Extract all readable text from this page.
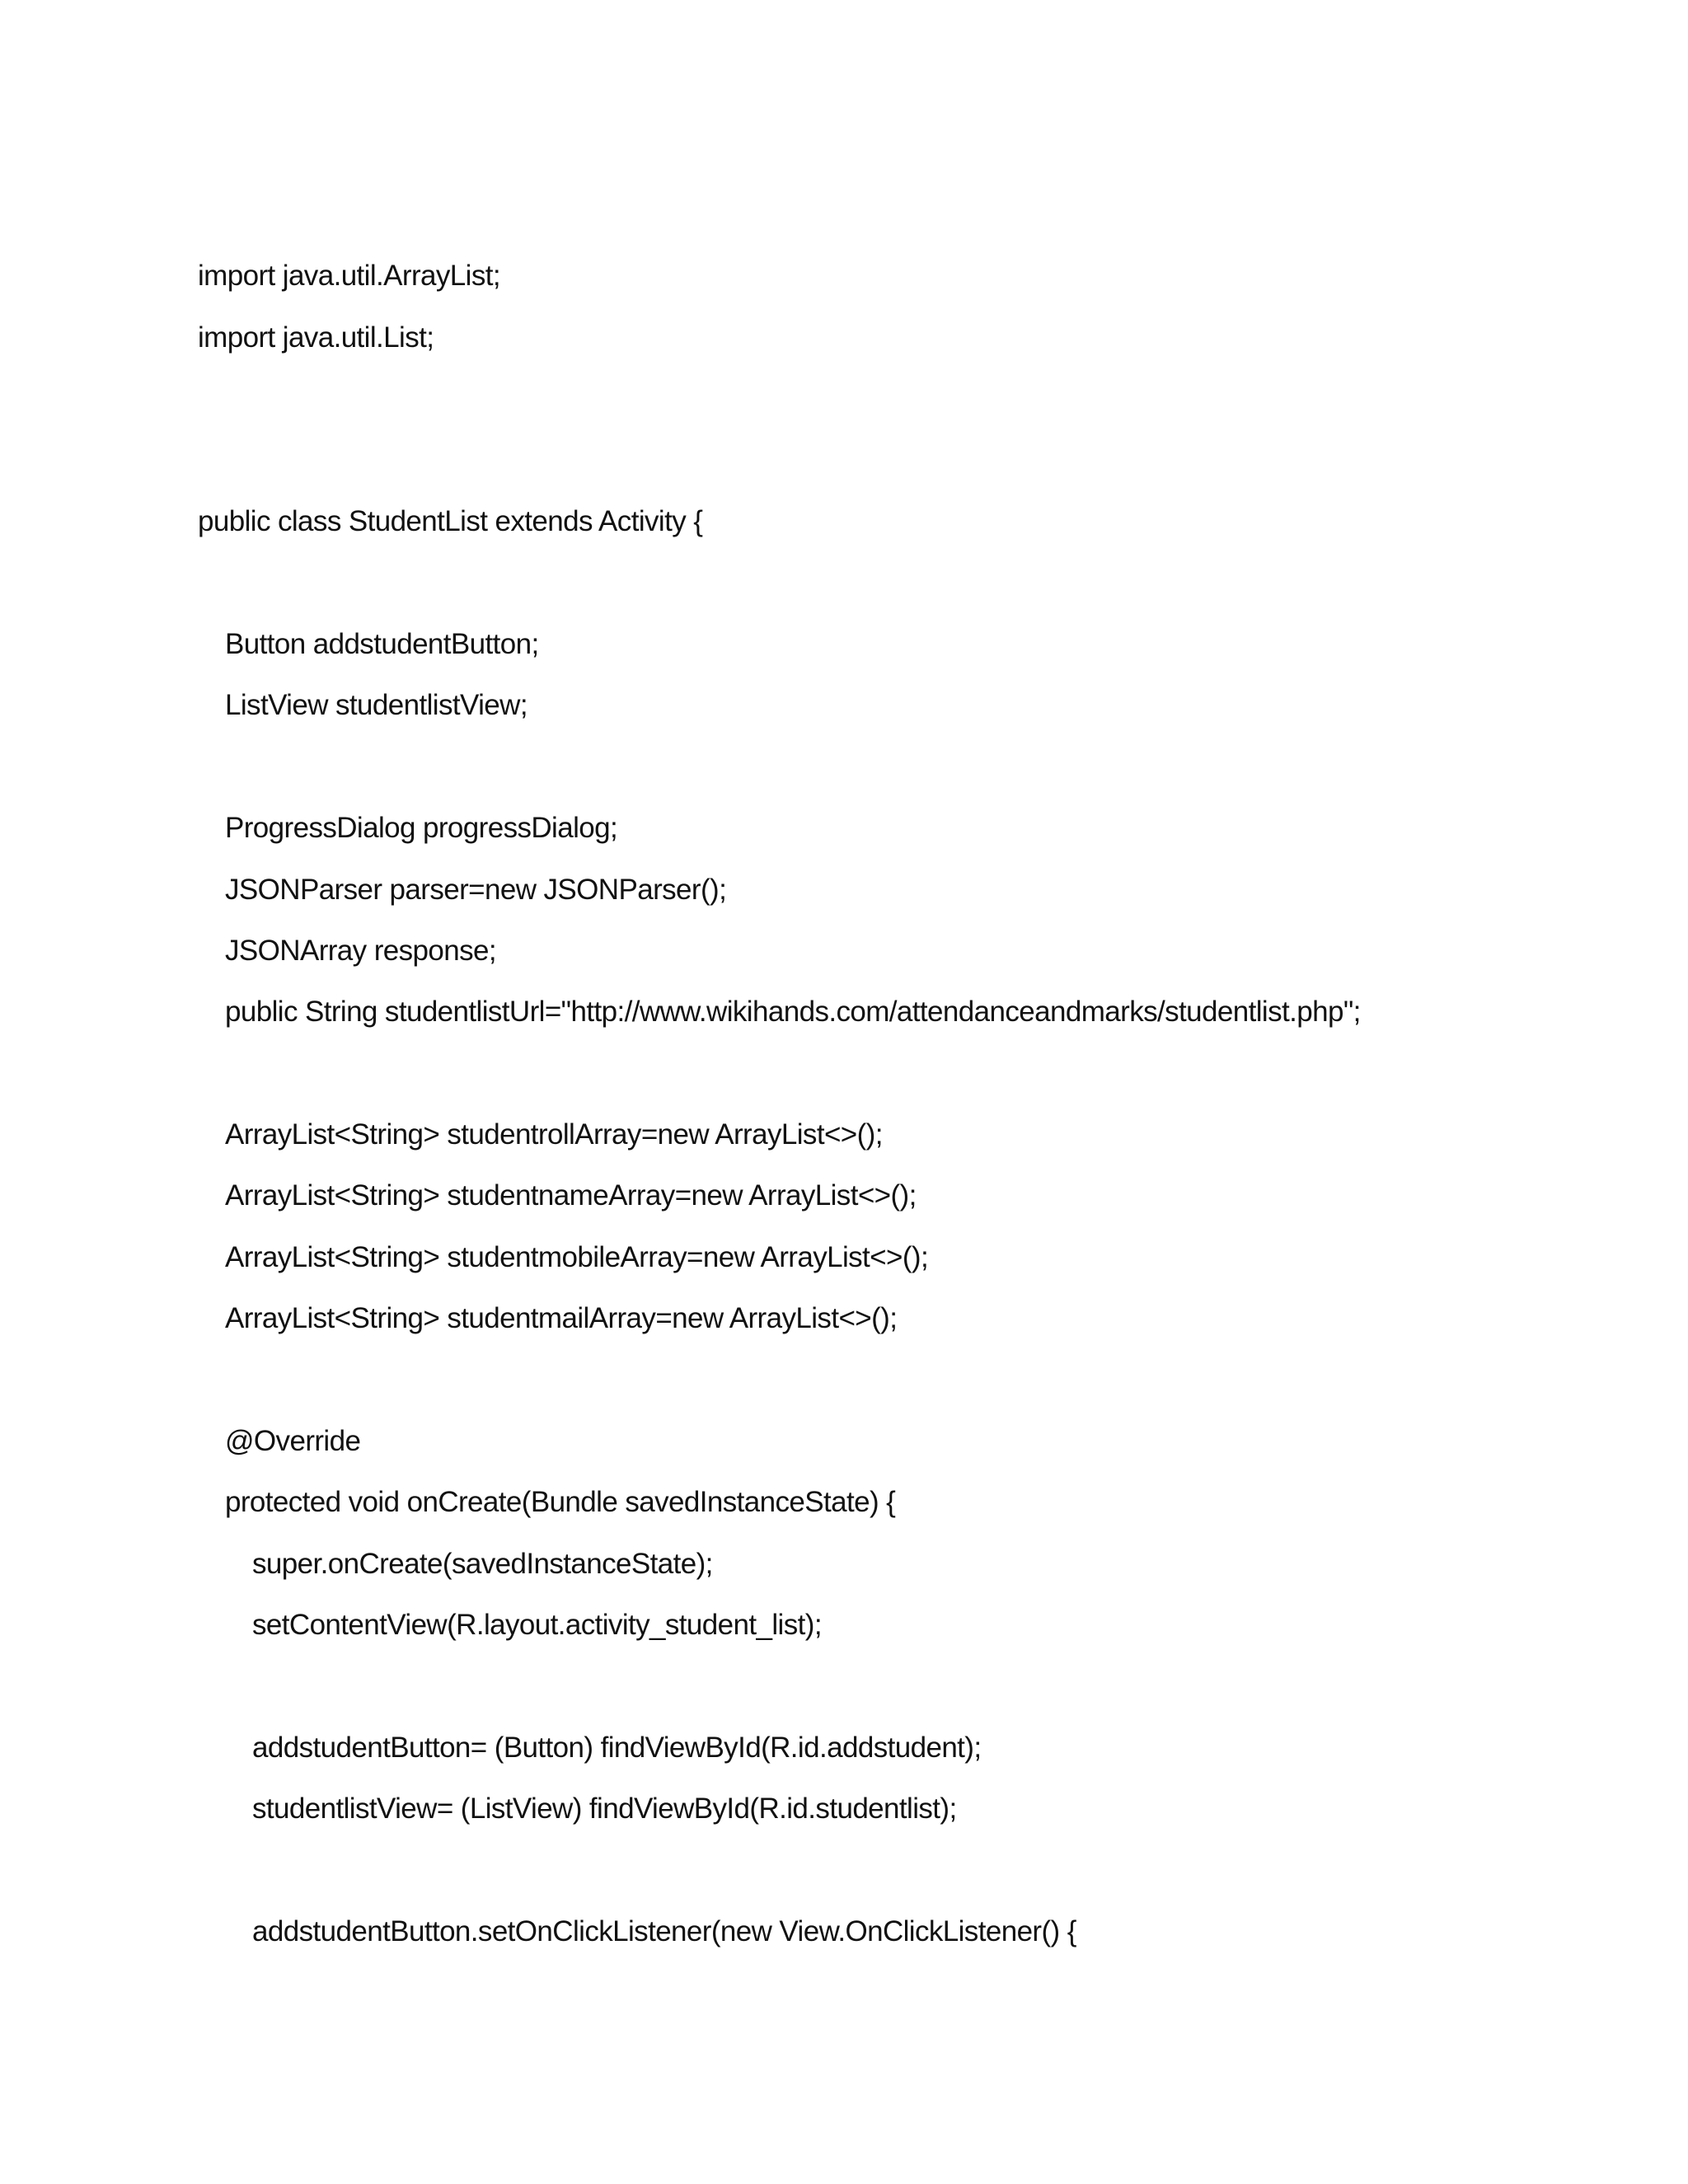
import java.util.ArrayList;
import java.util.List;
public class StudentList extends Activity {
Button addstudentButton;
ListView studentlistView;
ProgressDialog progressDialog;
JSONParser parser=new JSONParser();
JSONArray response;
public String studentlistUrl="http://www.wikihands.com/attendanceandmarks/studentlist.php";
ArrayList<String> studentrollArray=new ArrayList<>();
ArrayList<String> studentnameArray=new ArrayList<>();
ArrayList<String> studentmobileArray=new ArrayList<>();
ArrayList<String> studentmailArray=new ArrayList<>();
@Override
protected void onCreate(Bundle savedInstanceState) {
super.onCreate(savedInstanceState);
setContentView(R.layout.activity_student_list);
addstudentButton= (Button) findViewById(R.id.addstudent);
studentlistView= (ListView) findViewById(R.id.studentlist);
addstudentButton.setOnClickListener(new View.OnClickListener() {
